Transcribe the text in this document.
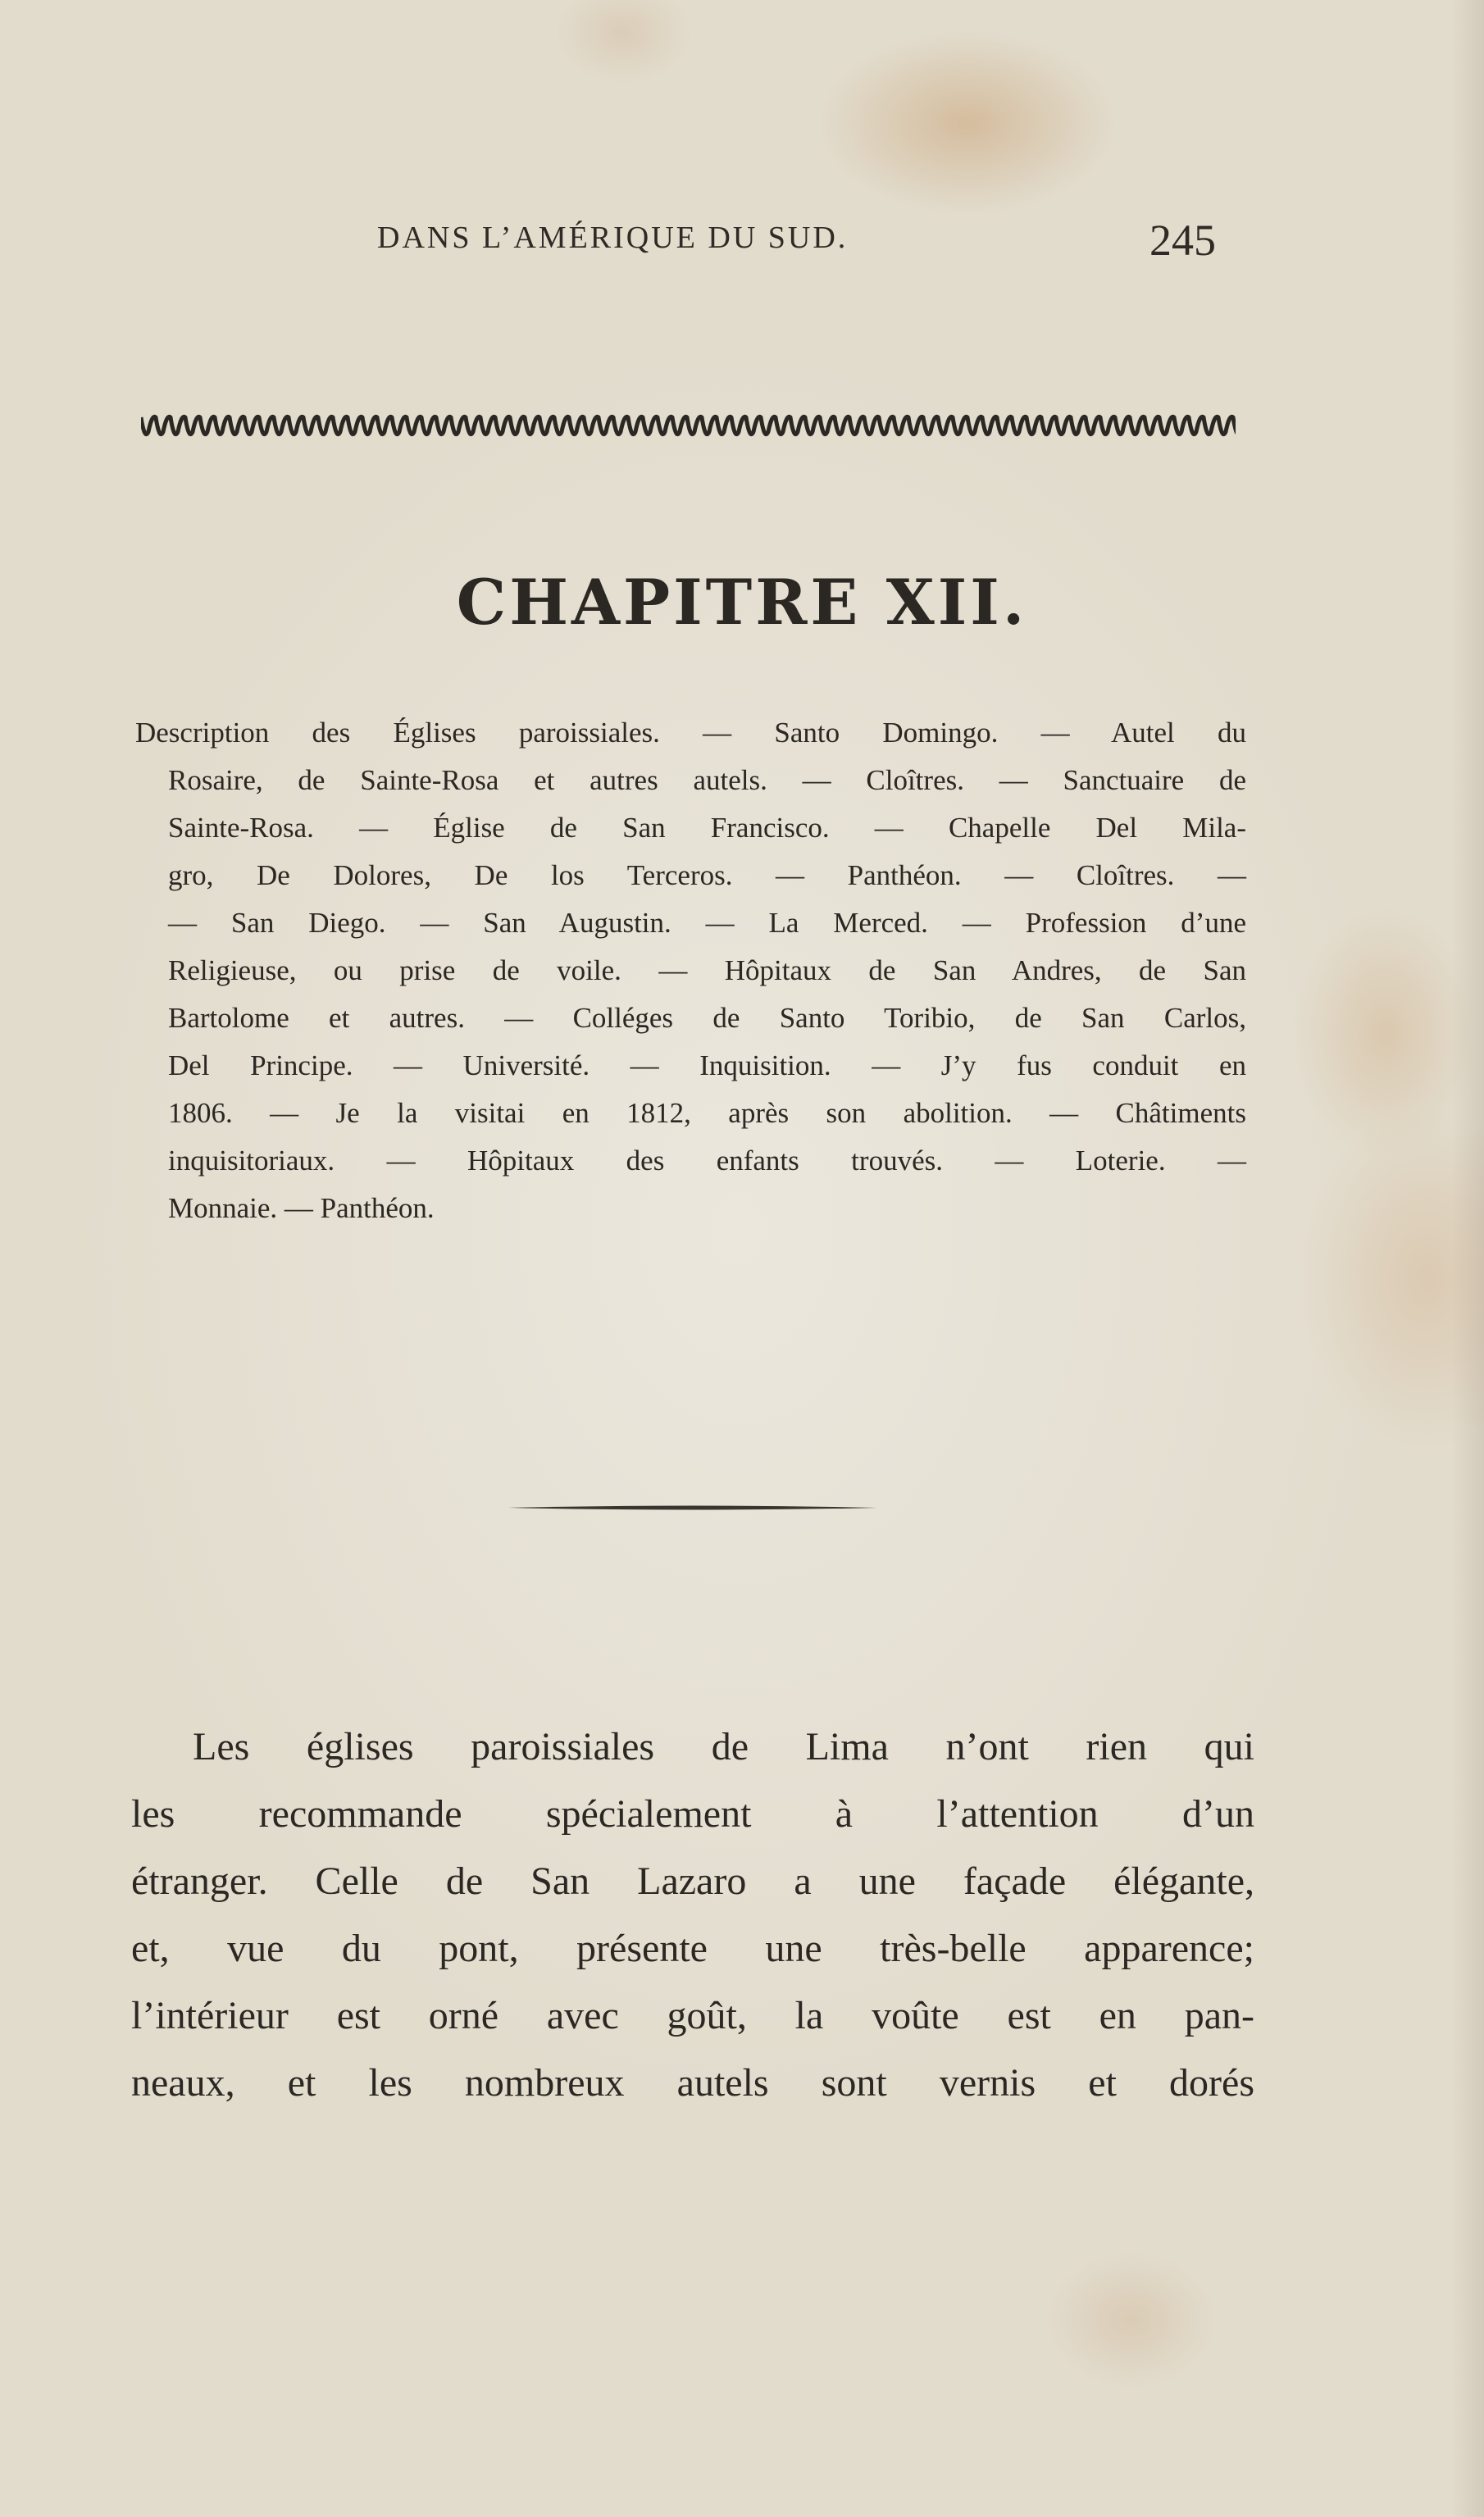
DANS L’AMÉRIQUE DU SUD.	245
CHAPITRE XII.
Description des Églises paroissiales. — Santo Domingo. — Autel du
Rosaire, de Sainte-Rosa et autres autels. — Cloîtres. — Sanctuaire de
Sainte-Rosa. — Église de San Francisco. — Chapelle Del Mila-
gro, De Dolores, De los Terceros. — Panthéon. — Cloîtres. —
— San Diego. — San Augustin. — La Merced. — Profession d’une
Religieuse, ou prise de voile. — Hôpitaux de San Andres, de San
Bartolome et autres. — Colléges de Santo Toribio, de San Carlos,
Del Principe. — Université. — Inquisition. — J’y fus conduit en
1806. — Je la visitai en 1812, après son abolition. — Châtiments
inquisitoriaux. — Hôpitaux des enfants trouvés. — Loterie. —
Monnaie. — Panthéon.
Les églises paroissiales de Lima n’ont rien qui
les recommande spécialement à l’attention d’un
étranger. Celle de San Lazaro a une façade élégante,
et, vue du pont, présente une très-belle apparence;
l’intérieur est orné avec goût, la voûte est en pan-
neaux, et les nombreux autels sont vernis et dorés
